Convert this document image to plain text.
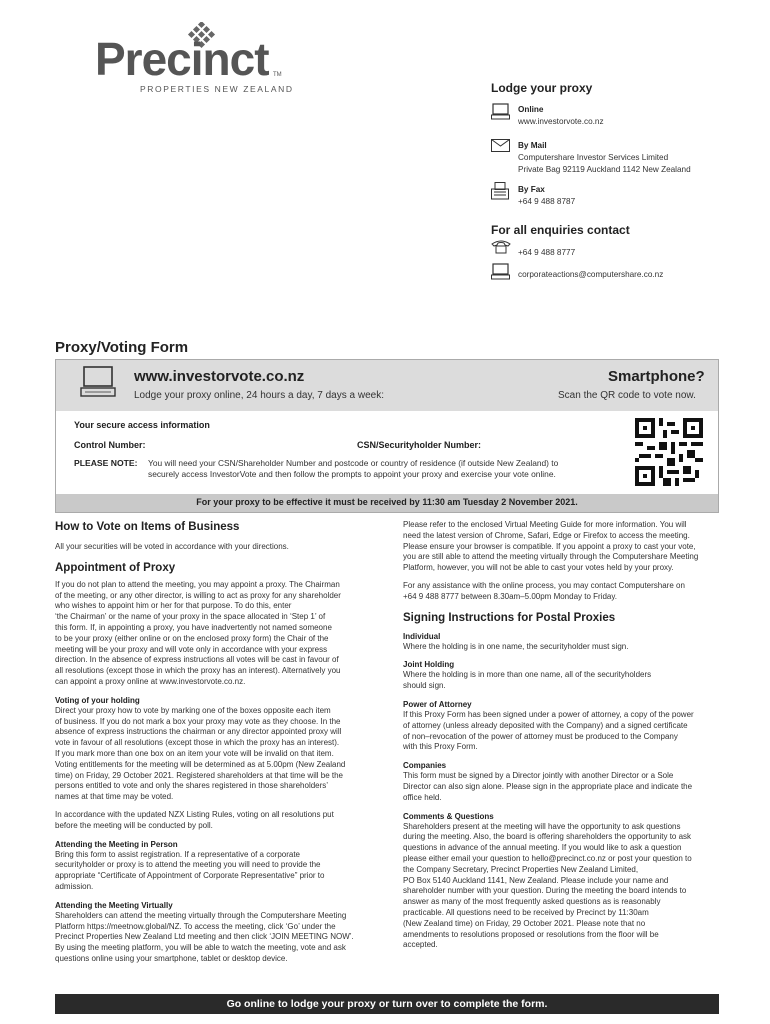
Precinct TM
PROPERTIES NEW ZEALAND	Lodge your proxy
Online
www.investorvote.co.nz
By Mail
Computershare Investor Services Limited
Private Bag 92119 Auckland 1142 New Zealand
By Fax
+64 9 488 8787
For all enquiries contact
+64 9 488 8777
corporateactions@computershare.co.nz
Proxy/Voting Form
www.investorvote.co.nz
Lodge your proxy online, 24 hours a day, 7 days a week:
Smartphone?
Scan the QR code to vote now.
Your secure access information
Control Number:	CSN/Securityholder Number:
PLEASE NOTE: You will need your CSN/Shareholder Number and postcode or country of residence (if outside New Zealand) to
securely access InvestorVote and then follow the prompts to appoint your proxy and exercise your vote online.
For your proxy to be effective it must be received by 11:30 am Tuesday 2 November 2021.
How to Vote on Items of Business
All your securities will be voted in accordance with your directions.
Appointment of Proxy
If you do not plan to attend the meeting, you may appoint a proxy. The Chairman
of the meeting, or any other director, is willing to act as proxy for any shareholder
who wishes to appoint him or her for that purpose. To do this, enter
‘the Chairman’ or the name of your proxy in the space allocated in ‘Step 1’ of
this form. If, in appointing a proxy, you have inadvertently not named someone
to be your proxy (either online or on the enclosed proxy form) the Chair of the
meeting will be your proxy and will vote only in accordance with your express
direction. In the absence of express instructions all votes will be cast in favour of
all resolutions (except those in which the proxy has an interest). Alternatively you
can appoint a proxy online at www.investorvote.co.nz.
Voting of your holding
Direct your proxy how to vote by marking one of the boxes opposite each item
of business. If you do not mark a box your proxy may vote as they choose. In the
absence of express instructions the chairman or any director appointed proxy will
vote in favour of all resolutions (except those in which the proxy has an interest).
If you mark more than one box on an item your vote will be invalid on that item.
Voting entitlements for the meeting will be determined as at 5.00pm (New Zealand
time) on Friday, 29 October 2021. Registered shareholders at that time will be the
persons entitled to vote and only the shares registered in those shareholders’
names at that time may be voted.
In accordance with the updated NZX Listing Rules, voting on all resolutions put
before the meeting will be conducted by poll.
Attending the Meeting in Person
Bring this form to assist registration. If a representative of a corporate
securityholder or proxy is to attend the meeting you will need to provide the
appropriate “Certificate of Appointment of Corporate Representative” prior to
admission.
Attending the Meeting Virtually
Shareholders can attend the meeting virtually through the Computershare Meeting
Platform https://meetnow.global/NZ. To access the meeting, click ‘Go’ under the
Precinct Properties New Zealand Ltd meeting and then click ‘JOIN MEETING NOW’.
By using the meeting platform, you will be able to watch the meeting, vote and ask
questions online using your smartphone, tablet or desktop device.
Please refer to the enclosed Virtual Meeting Guide for more information. You will
need the latest version of Chrome, Safari, Edge or Firefox to access the meeting.
Please ensure your browser is compatible. If you appoint a proxy to cast your vote,
you are still able to attend the meeting virtually through the Computershare Meeting
Platform, however, you will not be able to cast your votes held by your proxy.
For any assistance with the online process, you may contact Computershare on
+64 9 488 8777 between 8.30am–5.00pm Monday to Friday.
Signing Instructions for Postal Proxies
Individual
Where the holding is in one name, the securityholder must sign.
Joint Holding
Where the holding is in more than one name, all of the securityholders
should sign.
Power of Attorney
If this Proxy Form has been signed under a power of attorney, a copy of the power
of attorney (unless already deposited with the Company) and a signed certificate
of non–revocation of the power of attorney must be produced to the Company
with this Proxy Form.
Companies
This form must be signed by a Director jointly with another Director or a Sole
Director can also sign alone. Please sign in the appropriate place and indicate the
office held.
Comments & Questions
Shareholders present at the meeting will have the opportunity to ask questions
during the meeting. Also, the board is offering shareholders the opportunity to ask
questions in advance of the annual meeting. If you would like to ask a question
please either email your question to hello@precinct.co.nz or post your question to
the Company Secretary, Precinct Properties New Zealand Limited,
PO Box 5140 Auckland 1141, New Zealand. Please include your name and
shareholder number with your question. During the meeting the board intends to
answer as many of the most frequently asked questions as is reasonably
practicable. All questions need to be received by Precinct by 11:30am
(New Zealand time) on Friday, 29 October 2021. Please note that no
amendments to resolutions proposed or resolutions from the floor will be
accepted.
Go online to lodge your proxy or turn over to complete the form.
